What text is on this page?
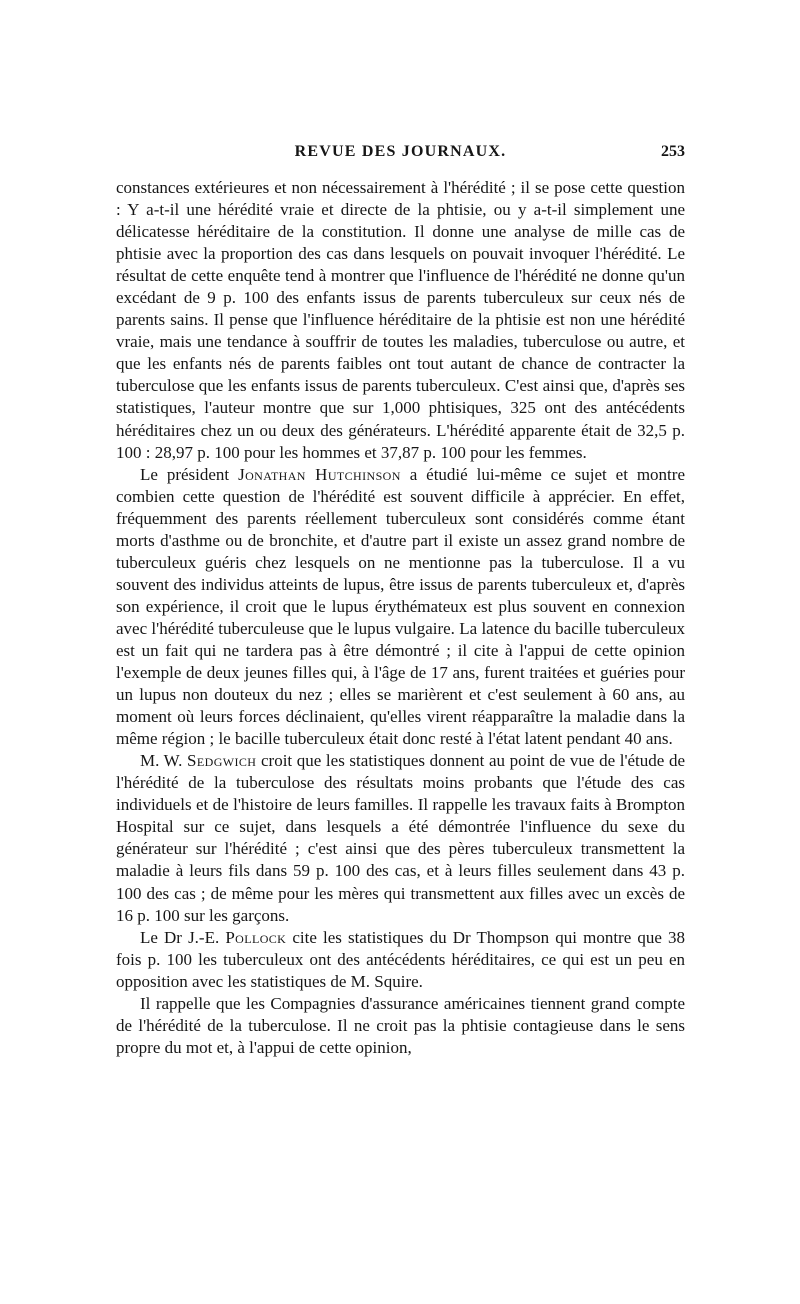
REVUE DES JOURNAUX.	253

constances extérieures et non nécessairement à l'hérédité ; il se pose cette question : Y a-t-il une hérédité vraie et directe de la phtisie, ou y a-t-il simplement une délicatesse héréditaire de la constitution. Il donne une analyse de mille cas de phtisie avec la proportion des cas dans lesquels on pouvait invoquer l'hérédité. Le résultat de cette enquête tend à montrer que l'influence de l'hérédité ne donne qu'un excédant de 9 p. 100 des enfants issus de parents tuberculeux sur ceux nés de parents sains. Il pense que l'influence héréditaire de la phtisie est non une hérédité vraie, mais une tendance à souffrir de toutes les maladies, tuberculose ou autre, et que les enfants nés de parents faibles ont tout autant de chance de contracter la tuberculose que les enfants issus de parents tuberculeux. C'est ainsi que, d'après ses statistiques, l'auteur montre que sur 1,000 phtisiques, 325 ont des antécédents héréditaires chez un ou deux des générateurs. L'hérédité apparente était de 32,5 p. 100 : 28,97 p. 100 pour les hommes et 37,87 p. 100 pour les femmes.

Le président Jonathan Hutchinson a étudié lui-même ce sujet et montre combien cette question de l'hérédité est souvent difficile à apprécier. En effet, fréquemment des parents réellement tuberculeux sont considérés comme étant morts d'asthme ou de bronchite, et d'autre part il existe un assez grand nombre de tuberculeux guéris chez lesquels on ne mentionne pas la tuberculose. Il a vu souvent des individus atteints de lupus, être issus de parents tuberculeux et, d'après son expérience, il croit que le lupus érythémateux est plus souvent en connexion avec l'hérédité tuberculeuse que le lupus vulgaire. La latence du bacille tuberculeux est un fait qui ne tardera pas à être démontré ; il cite à l'appui de cette opinion l'exemple de deux jeunes filles qui, à l'âge de 17 ans, furent traitées et guéries pour un lupus non douteux du nez ; elles se marièrent et c'est seulement à 60 ans, au moment où leurs forces déclinaient, qu'elles virent réapparaître la maladie dans la même région ; le bacille tuberculeux était donc resté à l'état latent pendant 40 ans.

M. W. Sedgwich croit que les statistiques donnent au point de vue de l'étude de l'hérédité de la tuberculose des résultats moins probants que l'étude des cas individuels et de l'histoire de leurs familles. Il rappelle les travaux faits à Brompton Hospital sur ce sujet, dans lesquels a été démontrée l'influence du sexe du générateur sur l'hérédité ; c'est ainsi que des pères tuberculeux transmettent la maladie à leurs fils dans 59 p. 100 des cas, et à leurs filles seulement dans 43 p. 100 des cas ; de même pour les mères qui transmettent aux filles avec un excès de 16 p. 100 sur les garçons.

Le Dr J.-E. Pollock cite les statistiques du Dr Thompson qui montre que 38 fois p. 100 les tuberculeux ont des antécédents héréditaires, ce qui est un peu en opposition avec les statistiques de M. Squire.

Il rappelle que les Compagnies d'assurance américaines tiennent grand compte de l'hérédité de la tuberculose. Il ne croit pas la phtisie contagieuse dans le sens propre du mot et, à l'appui de cette opinion,
